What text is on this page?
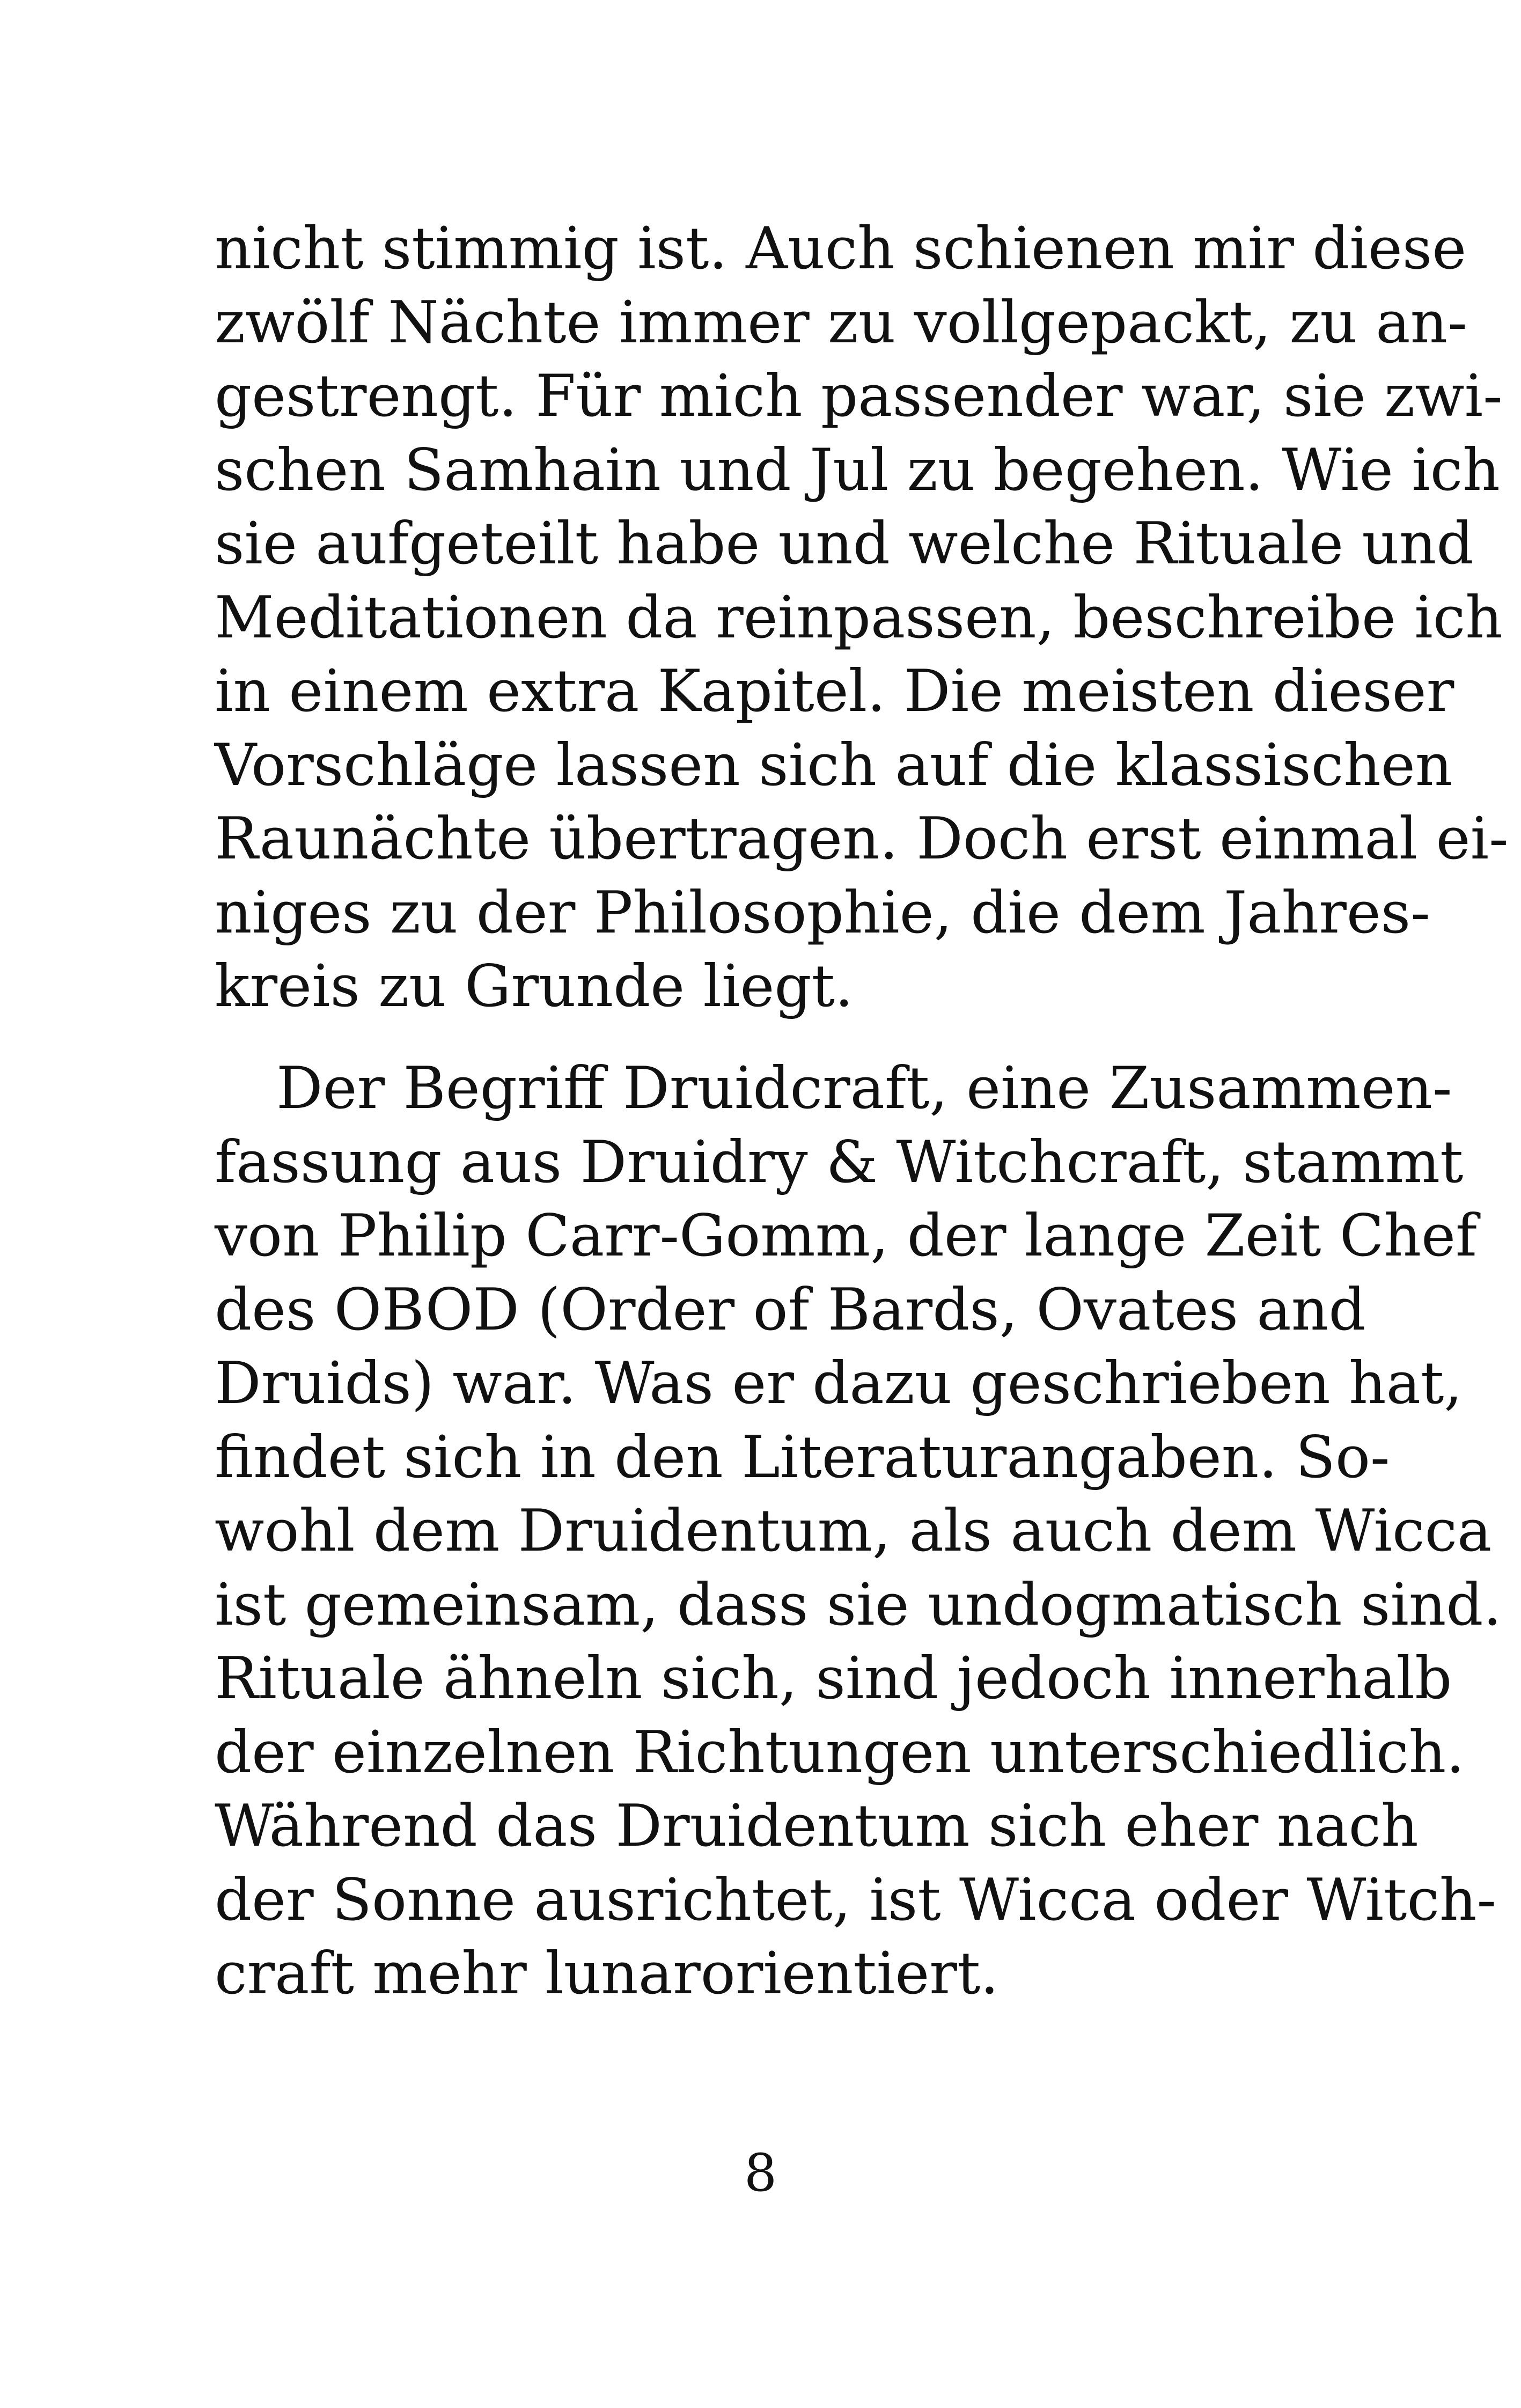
nicht stimmig ist. Auch schienen mir diese
zwölf Nächte immer zu vollgepackt, zu an-
gestrengt. Für mich passender war, sie zwi-
schen Samhain und Jul zu begehen. Wie ich
sie aufgeteilt habe und welche Rituale und
Meditationen da reinpassen, beschreibe ich
in einem extra Kapitel. Die meisten dieser
Vorschläge lassen sich auf die klassischen
Raunächte übertragen. Doch erst einmal ei-
niges zu der Philosophie, die dem Jahres-
kreis zu Grunde liegt.
Der Begriff Druidcraft, eine Zusammen-
fassung aus Druidry & Witchcraft, stammt
von Philip Carr-Gomm, der lange Zeit Chef
des OBOD (Order of Bards, Ovates and
Druids) war. Was er dazu geschrieben hat,
findet sich in den Literaturangaben. So-
wohl dem Druidentum, als auch dem Wicca
ist gemeinsam, dass sie undogmatisch sind.
Rituale ähneln sich, sind jedoch innerhalb
der einzelnen Richtungen unterschiedlich.
Während das Druidentum sich eher nach
der Sonne ausrichtet, ist Wicca oder Witch-
craft mehr lunarorientiert.
8
